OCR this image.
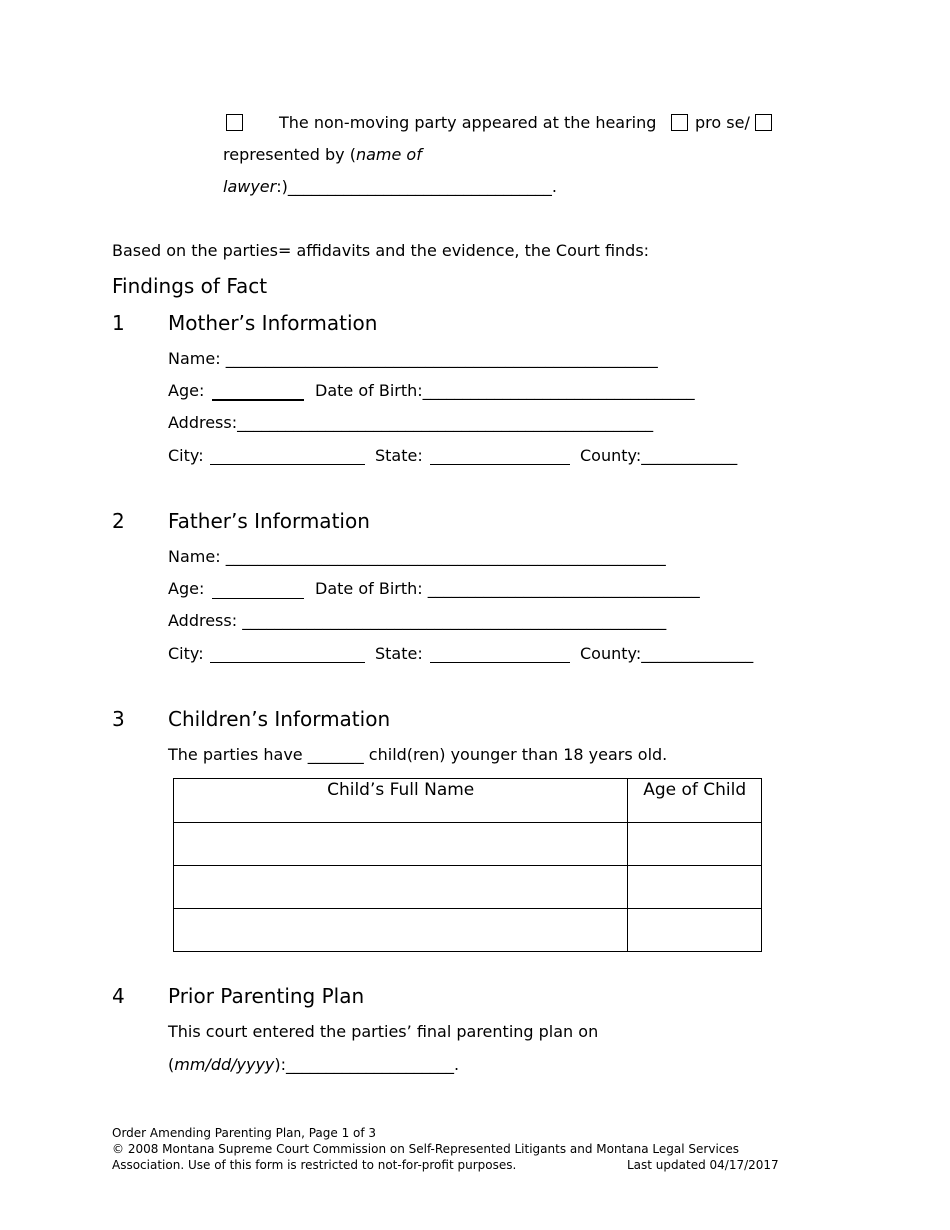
The non-moving party appeared at the hearing pro se/
represented by (name of
lawyer:)_________________________________.
Based on the parties= affidavits and the evidence, the Court finds:
Findings of Fact
1 Mother’s Information
Name: ______________________________________________________
Age:	Date of Birth:__________________________________
Address:____________________________________________________
City:	State:	County:____________
2 Father’s Information
Name: _______________________________________________________
Age:	Date of Birth: __________________________________
Address: _____________________________________________________
City:	State:	County:______________
3 Children’s Information
The parties have _______ child(ren) younger than 18 years old.
Child’s Full Name	Age of Child

4 Prior Parenting Plan
This court entered the parties’ final parenting plan on
(mm/dd/yyyy):_____________________.
Order Amending Parenting Plan, Page 1 of 3
© 2008 Montana Supreme Court Commission on Self-Represented Litigants and Montana Legal Services
Association. Use of this form is restricted to not-for-profit purposes.	Last updated 04/17/2017
